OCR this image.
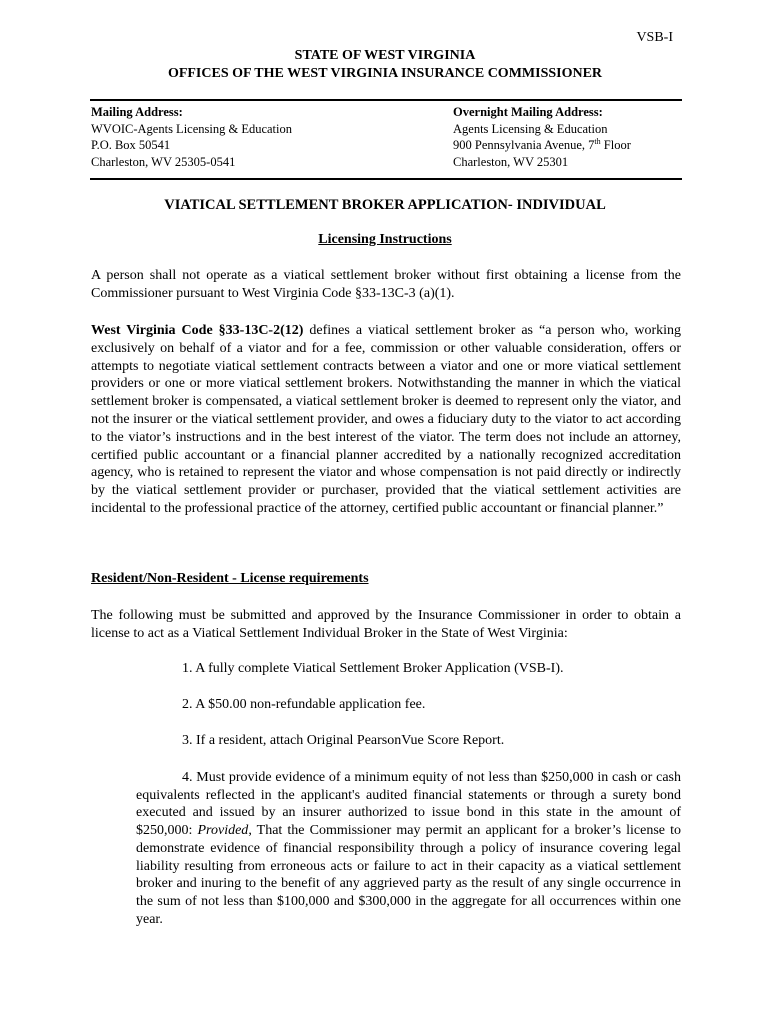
VSB-I
STATE OF WEST VIRGINIA
OFFICES OF THE WEST VIRGINIA INSURANCE COMMISSIONER
Mailing Address:
WVOIC-Agents Licensing & Education
P.O. Box 50541
Charleston, WV 25305-0541
Overnight Mailing Address:
Agents Licensing & Education
900 Pennsylvania Avenue, 7th Floor
Charleston, WV 25301
VIATICAL SETTLEMENT BROKER APPLICATION- INDIVIDUAL
Licensing Instructions
A person shall not operate as a viatical settlement broker without first obtaining a license from the Commissioner pursuant to West Virginia Code §33-13C-3 (a)(1).
West Virginia Code §33-13C-2(12) defines a viatical settlement broker as “a person who, working exclusively on behalf of a viator and for a fee, commission or other valuable consideration, offers or attempts to negotiate viatical settlement contracts between a viator and one or more viatical settlement providers or one or more viatical settlement brokers. Notwithstanding the manner in which the viatical settlement broker is compensated, a viatical settlement broker is deemed to represent only the viator, and not the insurer or the viatical settlement provider, and owes a fiduciary duty to the viator to act according to the viator’s instructions and in the best interest of the viator. The term does not include an attorney, certified public accountant or a financial planner accredited by a nationally recognized accreditation agency, who is retained to represent the viator and whose compensation is not paid directly or indirectly by the viatical settlement provider or purchaser, provided that the viatical settlement activities are incidental to the professional practice of the attorney, certified public accountant or financial planner.”
Resident/Non-Resident - License requirements
The following must be submitted and approved by the Insurance Commissioner in order to obtain a license to act as a Viatical Settlement Individual Broker in the State of West Virginia:
1. A fully complete Viatical Settlement Broker Application (VSB-I).
2. A $50.00 non-refundable application fee.
3. If a resident, attach Original PearsonVue Score Report.
4. Must provide evidence of a minimum equity of not less than $250,000 in cash or cash equivalents reflected in the applicant's audited financial statements or through a surety bond executed and issued by an insurer authorized to issue bond in this state in the amount of $250,000: Provided, That the Commissioner may permit an applicant for a broker’s license to demonstrate evidence of financial responsibility through a policy of insurance covering legal liability resulting from erroneous acts or failure to act in their capacity as a viatical settlement broker and inuring to the benefit of any aggrieved party as the result of any single occurrence in the sum of not less than $100,000 and $300,000 in the aggregate for all occurrences within one year.
